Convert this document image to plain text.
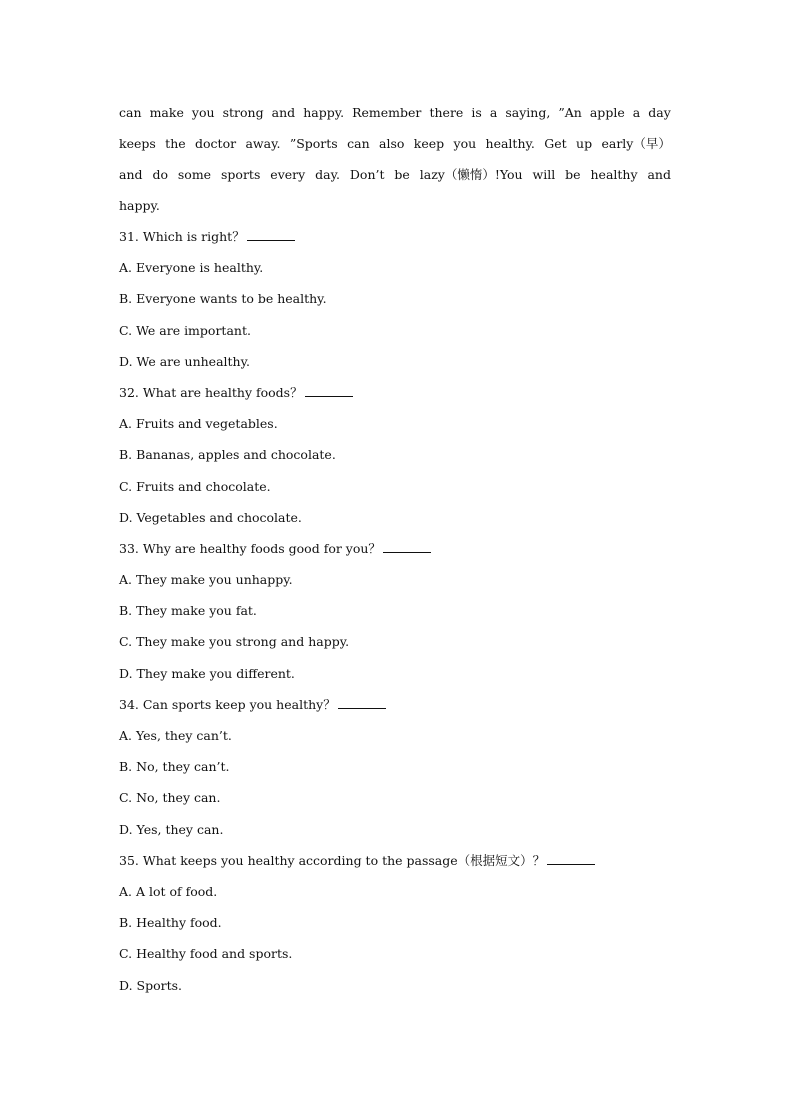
can make you strong and happy. Remember there is a saying, ”An apple a day
keeps the doctor away. ”Sports can also keep you healthy. Get up early（早）
and do some sports every day. Don’t be lazy（懒惰）!You will be healthy and
happy.
31. Which is right？
A. Everyone is healthy.
B. Everyone wants to be healthy.
C. We are important.
D. We are unhealthy.
32. What are healthy foods？
A. Fruits and vegetables.
B. Bananas, apples and chocolate.
C. Fruits and chocolate.
D. Vegetables and chocolate.
33. Why are healthy foods good for you？
A. They make you unhappy.
B. They make you fat.
C. They make you strong and happy.
D. They make you different.
34. Can sports keep you healthy？
A. Yes, they can’t.
B. No, they can’t.
C. No, they can.
D. Yes, they can.
35. What keeps you healthy according to the passage（根据短文）？
A. A lot of food.
B. Healthy food.
C. Healthy food and sports.
D. Sports.
